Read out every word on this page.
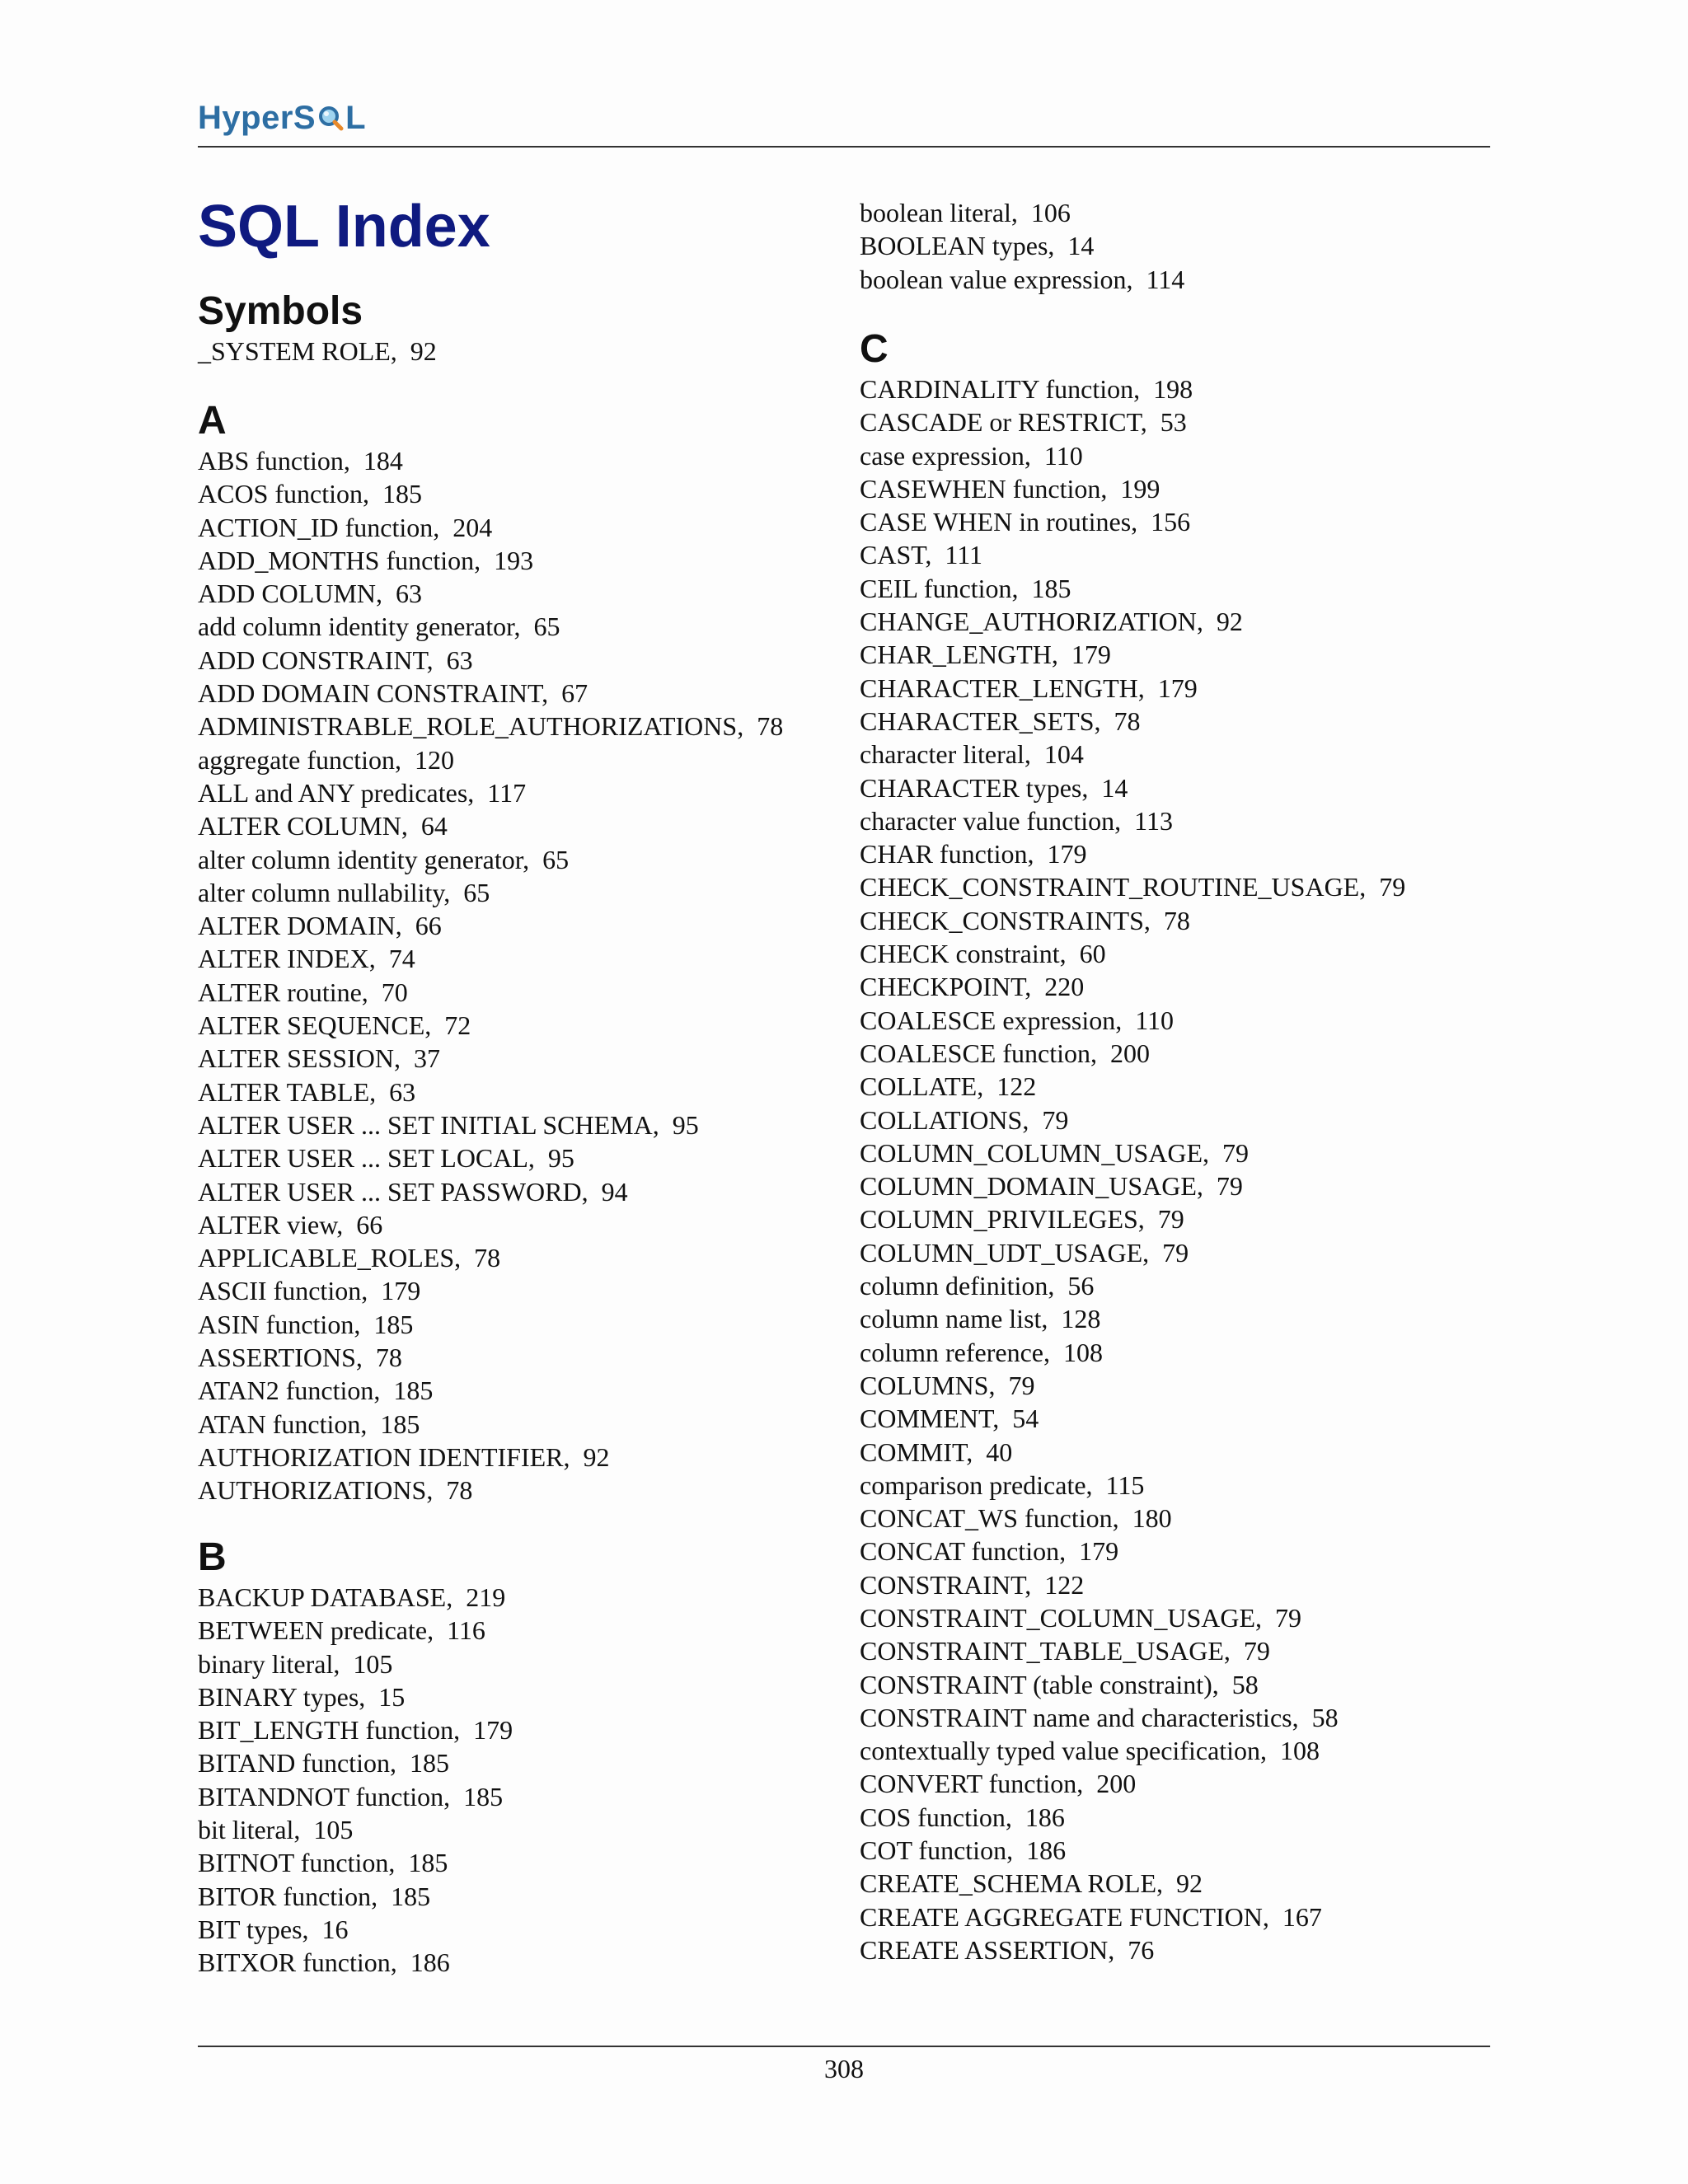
HyperS L
SQL Index
Symbols
_SYSTEM ROLE,  92
A
ABS function,  184
ACOS function,  185
ACTION_ID function,  204
ADD_MONTHS function,  193
ADD COLUMN,  63
add column identity generator,  65
ADD CONSTRAINT,  63
ADD DOMAIN CONSTRAINT,  67
ADMINISTRABLE_ROLE_AUTHORIZATIONS,  78
aggregate function,  120
ALL and ANY predicates,  117
ALTER COLUMN,  64
alter column identity generator,  65
alter column nullability,  65
ALTER DOMAIN,  66
ALTER INDEX,  74
ALTER routine,  70
ALTER SEQUENCE,  72
ALTER SESSION,  37
ALTER TABLE,  63
ALTER USER ... SET INITIAL SCHEMA,  95
ALTER USER ... SET LOCAL,  95
ALTER USER ... SET PASSWORD,  94
ALTER view,  66
APPLICABLE_ROLES,  78
ASCII function,  179
ASIN function,  185
ASSERTIONS,  78
ATAN2 function,  185
ATAN function,  185
AUTHORIZATION IDENTIFIER,  92
AUTHORIZATIONS,  78
B
BACKUP DATABASE,  219
BETWEEN predicate,  116
binary literal,  105
BINARY types,  15
BIT_LENGTH function,  179
BITAND function,  185
BITANDNOT function,  185
bit literal,  105
BITNOT function,  185
BITOR function,  185
BIT types,  16
BITXOR function,  186
boolean literal,  106
BOOLEAN types,  14
boolean value expression,  114
C
CARDINALITY function,  198
CASCADE or RESTRICT,  53
case expression,  110
CASEWHEN function,  199
CASE WHEN in routines,  156
CAST,  111
CEIL function,  185
CHANGE_AUTHORIZATION,  92
CHAR_LENGTH,  179
CHARACTER_LENGTH,  179
CHARACTER_SETS,  78
character literal,  104
CHARACTER types,  14
character value function,  113
CHAR function,  179
CHECK_CONSTRAINT_ROUTINE_USAGE,  79
CHECK_CONSTRAINTS,  78
CHECK constraint,  60
CHECKPOINT,  220
COALESCE expression,  110
COALESCE function,  200
COLLATE,  122
COLLATIONS,  79
COLUMN_COLUMN_USAGE,  79
COLUMN_DOMAIN_USAGE,  79
COLUMN_PRIVILEGES,  79
COLUMN_UDT_USAGE,  79
column definition,  56
column name list,  128
column reference,  108
COLUMNS,  79
COMMENT,  54
COMMIT,  40
comparison predicate,  115
CONCAT_WS function,  180
CONCAT function,  179
CONSTRAINT,  122
CONSTRAINT_COLUMN_USAGE,  79
CONSTRAINT_TABLE_USAGE,  79
CONSTRAINT (table constraint),  58
CONSTRAINT name and characteristics,  58
contextually typed value specification,  108
CONVERT function,  200
COS function,  186
COT function,  186
CREATE_SCHEMA ROLE,  92
CREATE AGGREGATE FUNCTION,  167
CREATE ASSERTION,  76
308
